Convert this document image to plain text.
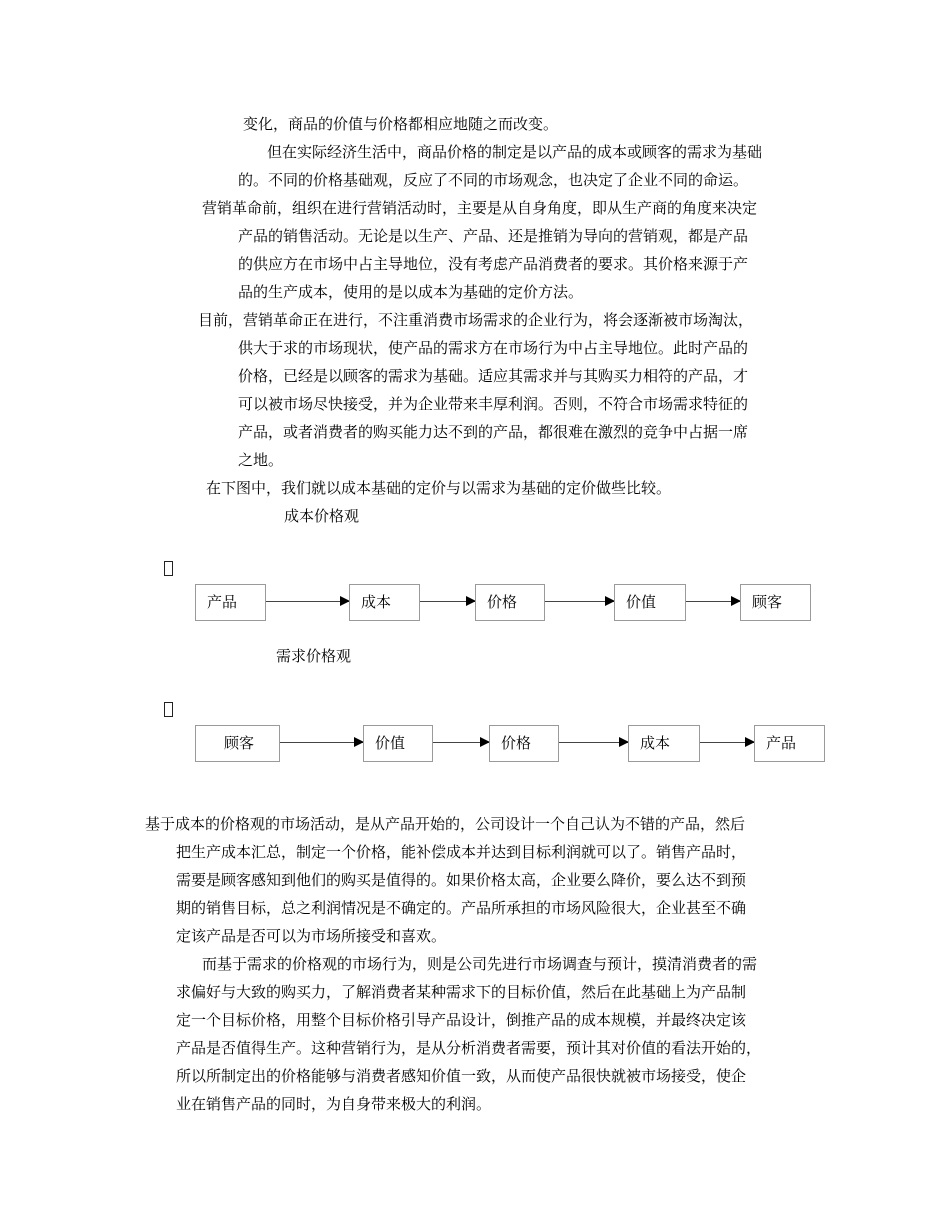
变化，商品的价值与价格都相应地随之而改变。
但在实际经济生活中，商品价格的制定是以产品的成本或顾客的需求为基础
的。不同的价格基础观，反应了不同的市场观念，也决定了企业不同的命运。
营销革命前，组织在进行营销活动时，主要是从自身角度，即从生产商的角度来决定
产品的销售活动。无论是以生产、产品、还是推销为导向的营销观，都是产品
的供应方在市场中占主导地位，没有考虑产品消费者的要求。其价格来源于产
品的生产成本，使用的是以成本为基础的定价方法。
目前，营销革命正在进行，不注重消费市场需求的企业行为，将会逐渐被市场淘汰，
供大于求的市场现状，使产品的需求方在市场行为中占主导地位。此时产品的
价格，已经是以顾客的需求为基础。适应其需求并与其购买力相符的产品，才
可以被市场尽快接受，并为企业带来丰厚利润。否则，不符合市场需求特征的
产品，或者消费者的购买能力达不到的产品，都很难在激烈的竞争中占据一席
之地。
在下图中，我们就以成本基础的定价与以需求为基础的定价做些比较。
成本价格观
产品	成本	价格	价值	顾客
需求价格观
顾客	价值	价格	成本	产品
基于成本的价格观的市场活动，是从产品开始的，公司设计一个自己认为不错的产品，然后
把生产成本汇总，制定一个价格，能补偿成本并达到目标利润就可以了。销售产品时，
需要是顾客感知到他们的购买是值得的。如果价格太高，企业要么降价，要么达不到预
期的销售目标，总之利润情况是不确定的。产品所承担的市场风险很大，企业甚至不确
定该产品是否可以为市场所接受和喜欢。
而基于需求的价格观的市场行为，则是公司先进行市场调查与预计，摸清消费者的需
求偏好与大致的购买力，了解消费者某种需求下的目标价值，然后在此基础上为产品制
定一个目标价格，用整个目标价格引导产品设计，倒推产品的成本规模，并最终决定该
产品是否值得生产。这种营销行为，是从分析消费者需要，预计其对价值的看法开始的，
所以所制定出的价格能够与消费者感知价值一致，从而使产品很快就被市场接受，使企
业在销售产品的同时，为自身带来极大的利润。
